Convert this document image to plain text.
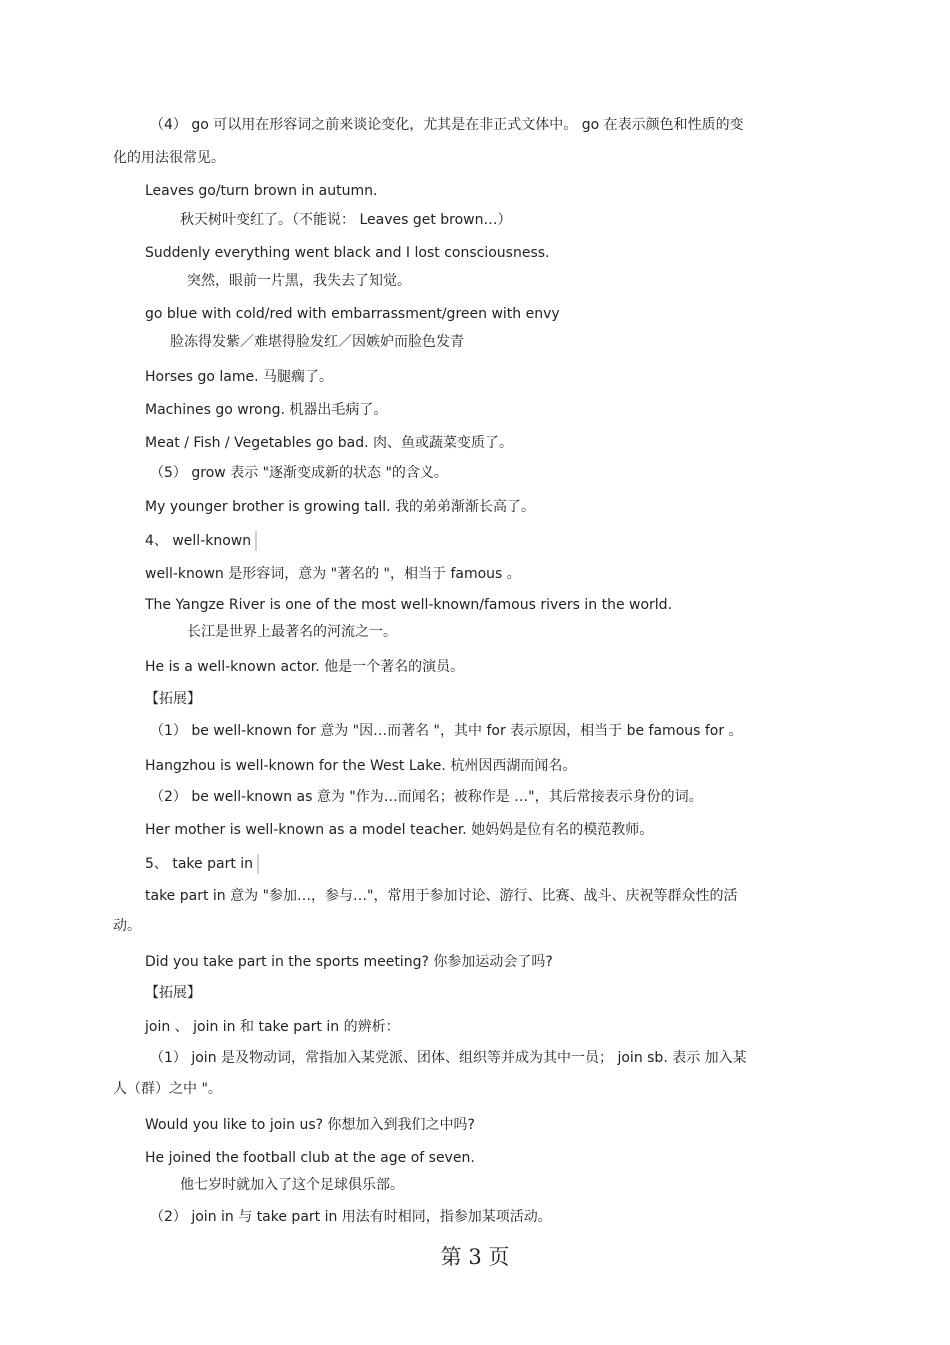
（4） go 可以用在形容词之前来谈论变化，尤其是在非正式文体中。 go 在表示颜色和性质的变
化的用法很常见。
Leaves go/turn brown in autumn.
秋天树叶变红了。（不能说： Leaves get brown…）
Suddenly everything went black and I lost consciousness.
突然，眼前一片黑，我失去了知觉。
go blue with cold/red with embarrassment/green with envy
脸冻得发紫／难堪得脸发红／因嫉妒而脸色发青
Horses go lame. 马腿瘸了。
Machines go wrong. 机器出毛病了。
Meat / Fish / Vegetables go bad. 肉、鱼或蔬菜变质了。
（5） grow 表示 "逐渐变成新的状态 "的含义。
My younger brother is growing tall. 我的弟弟渐渐长高了。
4、 well-known
well-known 是形容词，意为 "著名的 "，相当于 famous 。
The Yangze River is one of the most well-known/famous rivers in the world.
长江是世界上最著名的河流之一。
He is a well-known actor. 他是一个著名的演员。
【拓展】
（1） be well-known for 意为 "因…而著名 "，其中 for 表示原因，相当于 be famous for 。
Hangzhou is well-known for the West Lake. 杭州因西湖而闻名。
（2） be well-known as 意为 "作为…而闻名；被称作是 …"，其后常接表示身份的词。
Her mother is well-known as a model teacher. 她妈妈是位有名的模范教师。
5、 take part in
take part in 意为 "参加…，参与…"，常用于参加讨论、游行、比赛、战斗、庆祝等群众性的活
动。
Did you take part in the sports meeting? 你参加运动会了吗?
【拓展】
join 、 join in 和 take part in 的辨析：
（1） join 是及物动词，常指加入某党派、团体、组织等并成为其中一员； join sb. 表示 加入某
人（群）之中 "。
Would you like to join us? 你想加入到我们之中吗?
He joined the football club at the age of seven.
他七岁时就加入了这个足球俱乐部。
（2） join in 与 take part in 用法有时相同，指参加某项活动。
第 3 页
